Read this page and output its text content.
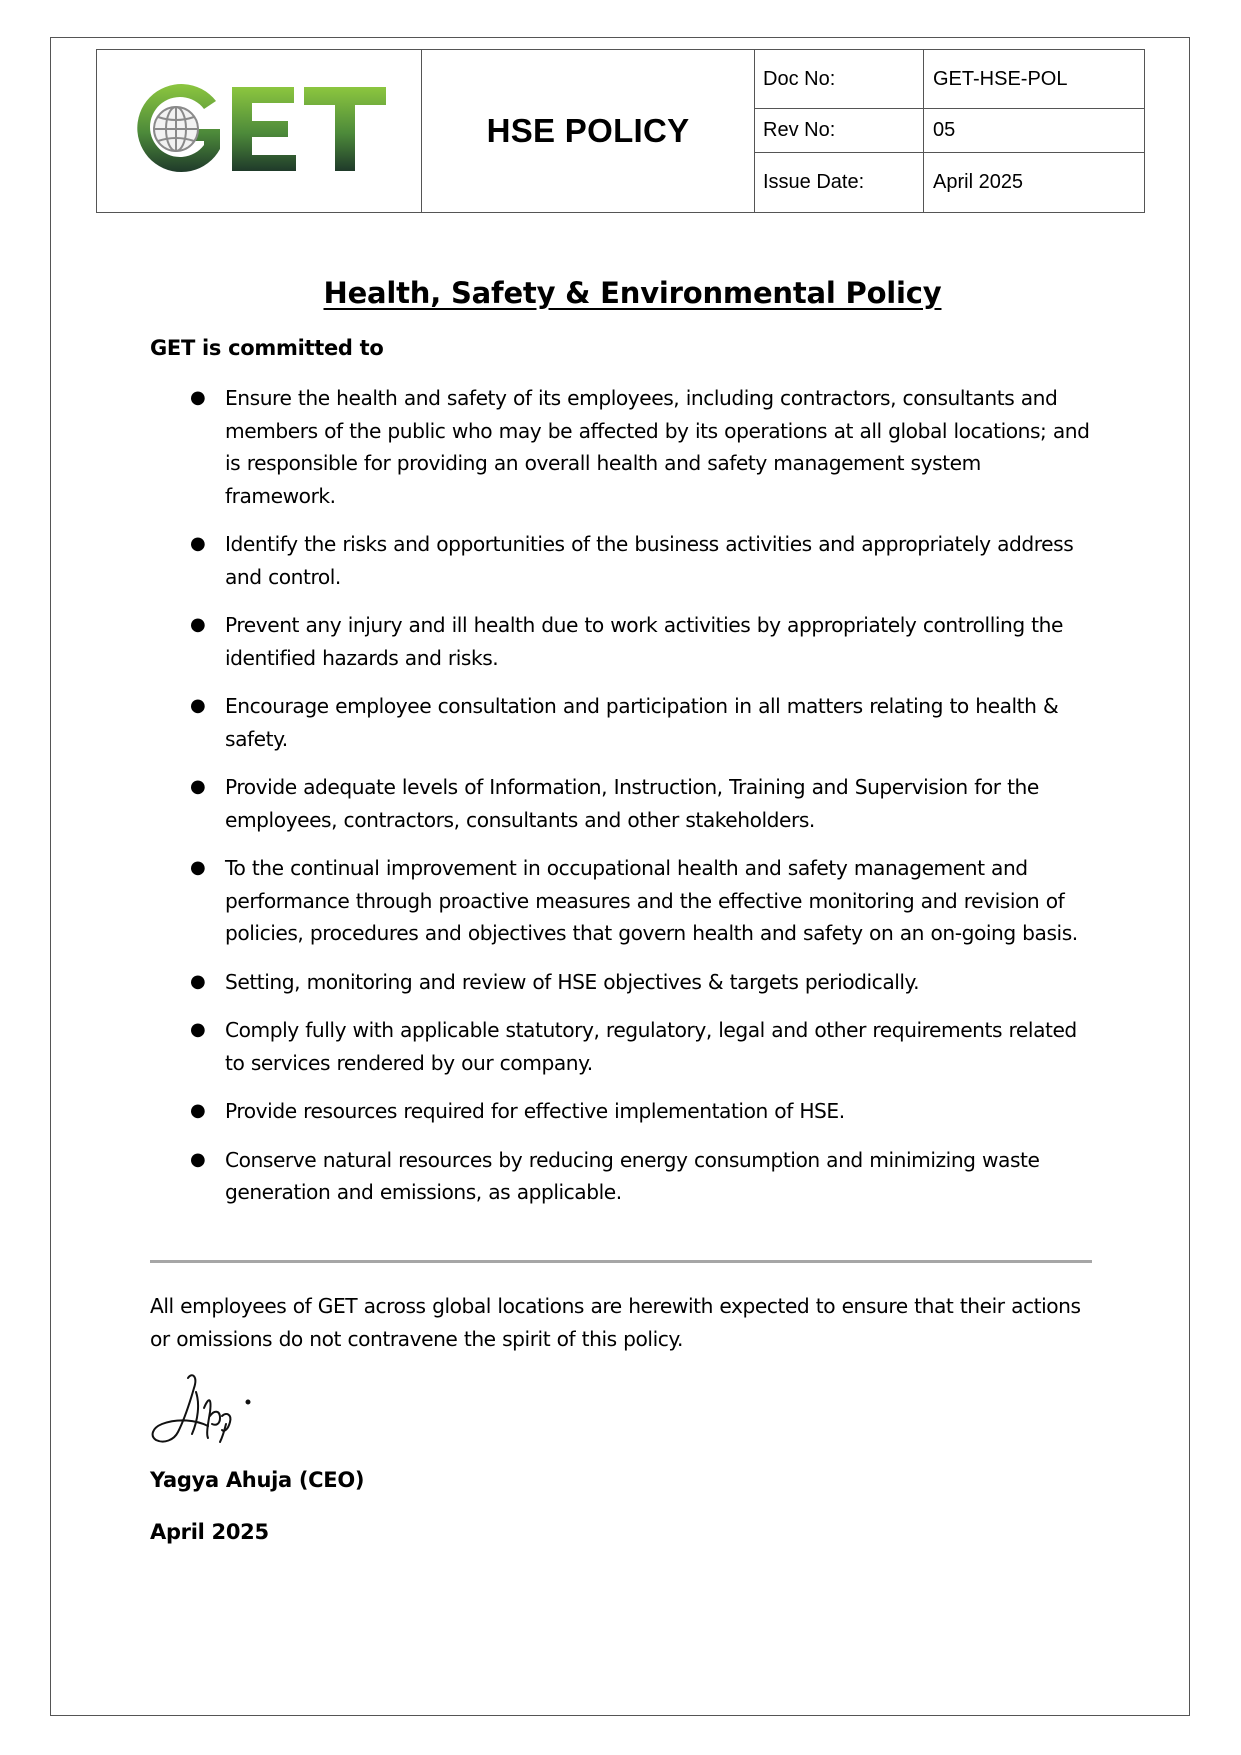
	HSE POLICY	Doc No:	GET-HSE-POL
		Rev No:	05
		Issue Date:	April 2025
Health, Safety & Environmental Policy

GET is committed to

● Ensure the health and safety of its employees, including contractors, consultants and members of the public who may be affected by its operations at all global locations; and is responsible for providing an overall health and safety management system framework.
● Identify the risks and opportunities of the business activities and appropriately address and control.
● Prevent any injury and ill health due to work activities by appropriately controlling the identified hazards and risks.
● Encourage employee consultation and participation in all matters relating to health & safety.
● Provide adequate levels of Information, Instruction, Training and Supervision for the employees, contractors, consultants and other stakeholders.
● To the continual improvement in occupational health and safety management and performance through proactive measures and the effective monitoring and revision of policies, procedures and objectives that govern health and safety on an on-going basis.
● Setting, monitoring and review of HSE objectives & targets periodically.
● Comply fully with applicable statutory, regulatory, legal and other requirements related to services rendered by our company.
● Provide resources required for effective implementation of HSE.
● Conserve natural resources by reducing energy consumption and minimizing waste generation and emissions, as applicable.

All employees of GET across global locations are herewith expected to ensure that their actions or omissions do not contravene the spirit of this policy.

Yagya Ahuja (CEO)

April 2025
